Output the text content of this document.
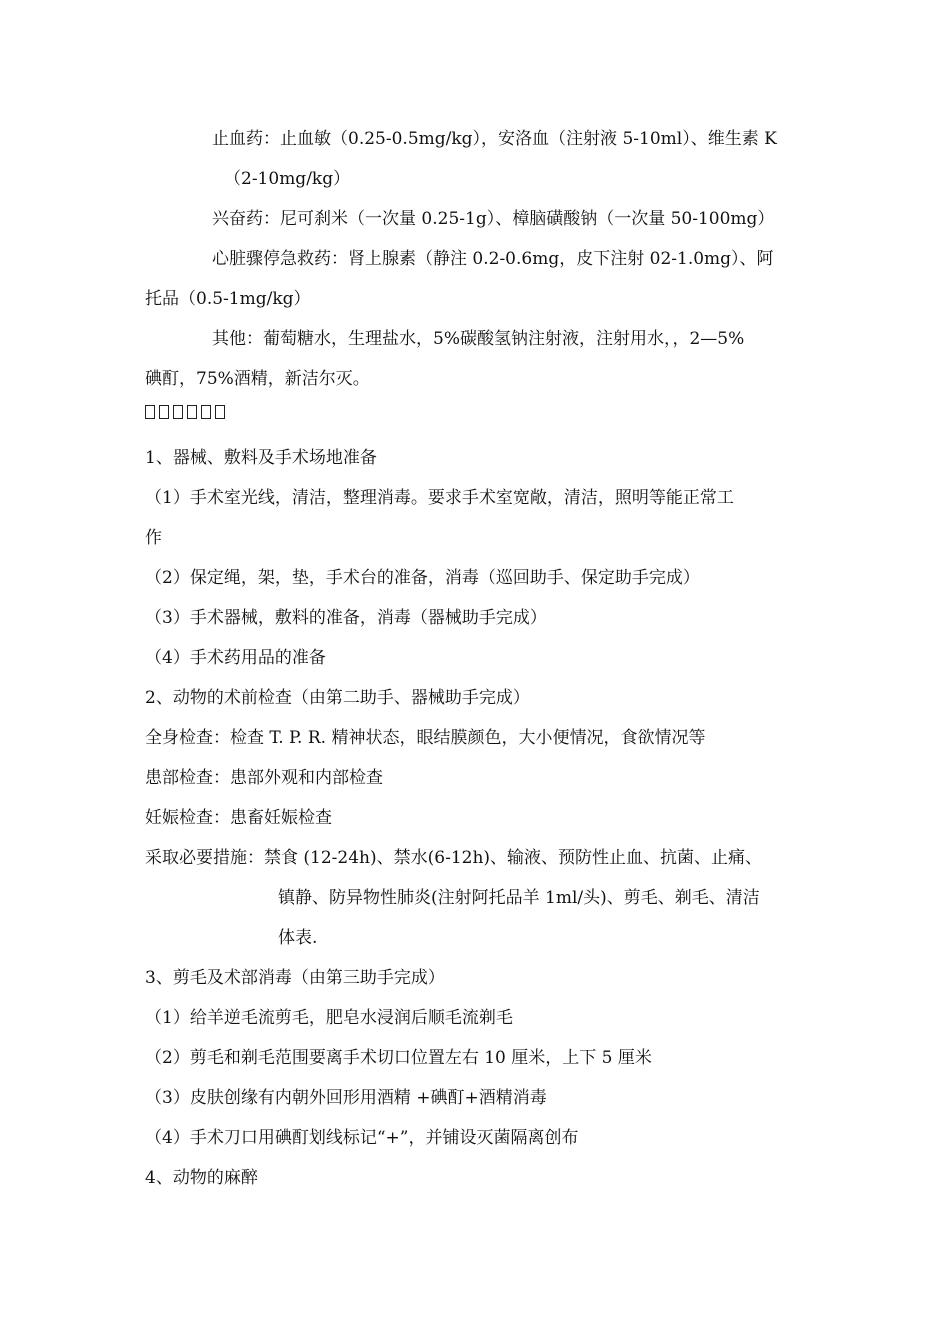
止血药：止血敏（0.25-0.5mg/kg），安洛血（注射液 5-10ml）、维生素 K
（2-10mg/kg）
兴奋药：尼可刹米（一次量 0.25-1g）、樟脑磺酸钠（一次量 50-100mg）
心脏骤停急救药：肾上腺素（静注 0.2-0.6mg，皮下注射 02-1.0mg）、阿
托品（0.5-1mg/kg）
其他：葡萄糖水，生理盐水，5%碳酸氢钠注射液，注射用水，，2—5%
碘酊，75%酒精，新洁尔灭。
1、器械、敷料及手术场地准备
（1）手术室光线，清洁，整理消毒。要求手术室宽敞，清洁，照明等能正常工
作
（2）保定绳，架，垫，手术台的准备，消毒（巡回助手、保定助手完成）
（3）手术器械，敷料的准备，消毒（器械助手完成）
（4）手术药用品的准备
2、动物的术前检查（由第二助手、器械助手完成）
全身检查：检查 T. P. R. 精神状态，眼结膜颜色，大小便情况，食欲情况等
患部检查：患部外观和内部检查
妊娠检查：患畜妊娠检查
采取必要措施：禁食 (12-24h)、禁水(6-12h)、输液、预防性止血、抗菌、止痛、
镇静、防异物性肺炎(注射阿托品羊 1ml/头)、剪毛、剃毛、清洁
体表.
3、剪毛及术部消毒（由第三助手完成）
（1）给羊逆毛流剪毛，肥皂水浸润后顺毛流剃毛
（2）剪毛和剃毛范围要离手术切口位置左右 10 厘米，上下 5 厘米
（3）皮肤创缘有内朝外回形用酒精 +碘酊+酒精消毒
（4）手术刀口用碘酊划线标记“+”，并铺设灭菌隔离创布
4、动物的麻醉
